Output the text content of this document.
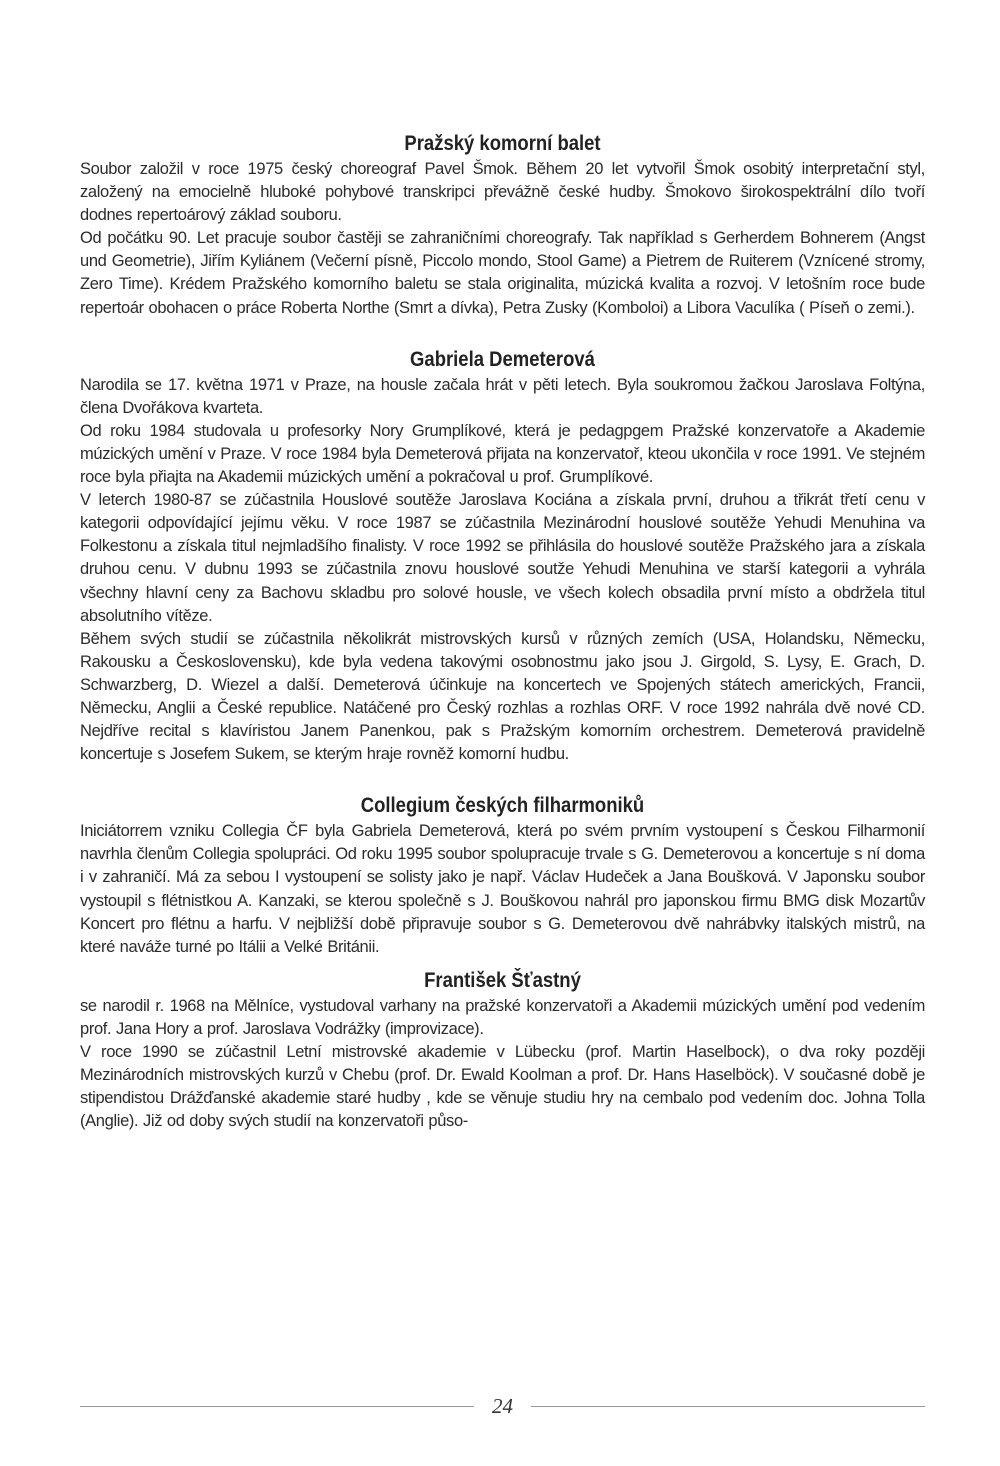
Pražský komorní balet

Soubor založil v roce 1975 český choreograf Pavel Šmok. Během 20 let vytvořil Šmok osobitý interpretační styl, založený na emocielně hluboké pohybové transkripci převážně české hudby. Šmokovo širokospektrální dílo tvoří dodnes repertoárový základ souboru.

Od počátku 90. Let pracuje soubor častěji se zahraničními choreografy. Tak například s Gerherdem Bohnerem (Angst und Geometrie), Jiřím Kyliánem (Večerní písně, Piccolo mondo, Stool Game) a Pietrem de Ruiterem (Vznícené stromy, Zero Time). Krédem Pražského komorního baletu se stala originalita, múzická kvalita a rozvoj. V letošním roce bude repertoár obohacen o práce Roberta Northe (Smrt a dívka), Petra Zusky (Komboloi) a Libora Vaculíka ( Píseň o zemi.).

Gabriela Demeterová

Narodila se 17. května 1971 v Praze, na housle začala hrát v pěti letech. Byla soukromou žačkou Jaroslava Foltýna, člena Dvořákova kvarteta.

Od roku 1984 studovala u profesorky Nory Grumplíkové, která je pedagpgem Pražské konzervatoře a Akademie múzických umění v Praze. V roce 1984 byla Demeterová přijata na konzervatoř, kteou ukončila v roce 1991. Ve stejném roce byla přiajta na Akademii múzických umění a pokračoval u prof. Grumplíkové.

V leterch 1980-87 se zúčastnila Houslové soutěže Jaroslava Kociána a získala první, druhou a třikrát třetí cenu v kategorii odpovídající jejímu věku. V roce 1987 se zúčastnila Mezinárodní houslové soutěže Yehudi Menuhina va Folkestonu a získala titul nejmladšího finalisty. V roce 1992 se přihlásila do houslové soutěže Pražského jara a získala druhou cenu. V dubnu 1993 se zúčastnila znovu houslové soutže Yehudi Menuhina ve starší kategorii a vyhrála všechny hlavní ceny za Bachovu skladbu pro solové housle, ve všech kolech obsadila první místo a obdržela titul absolutního vítěze.

Během svých studií se zúčastnila několikrát mistrovských kursů v různých zemích (USA, Holandsku, Německu, Rakousku a Československu), kde byla vedena takovými osobnostmu jako jsou J. Girgold, S. Lysy, E. Grach, D. Schwarzberg, D. Wiezel a další. Demeterová účinkuje na koncertech ve Spojených státech amerických, Francii, Německu, Anglii a České republice. Natáčené pro Český rozhlas a rozhlas ORF. V roce 1992 nahrála dvě nové CD. Nejdříve recital s klavíristou Janem Panenkou, pak s Pražským komorním orchestrem. Demeterová pravidelně koncertuje s Josefem Sukem, se kterým hraje rovněž komorní hudbu.

Collegium českých filharmoniků

Iniciátorrem vzniku Collegia ČF byla Gabriela Demeterová, která po svém prvním vystoupení s Českou Filharmonií navrhla členům Collegia spolupráci. Od roku 1995 soubor spolupracuje trvale s G. Demeterovou a koncertuje s ní doma i v zahraničí. Má za sebou I vystoupení se solisty jako je např. Václav Hudeček a Jana Boušková. V Japonsku soubor vystoupil s flétnistkou A. Kanzaki, se kterou společně s J. Bouškovou nahrál pro japonskou firmu BMG disk Mozartův Koncert pro flétnu a harfu. V nejbližší době připravuje soubor s G. Demeterovou dvě nahrábvky italských mistrů, na které naváže turné po Itálii a Velké Británii.

František Šťastný

se narodil r. 1968 na Mělníce, vystudoval varhany na pražské konzervatoři a Akademii múzických umění pod vedením prof. Jana Hory a prof. Jaroslava Vodrážky (improvizace).

V roce 1990 se zúčastnil Letní mistrovské akademie v Lübecku (prof. Martin Haselbock), o dva roky později Mezinárodních mistrovských kurzů v Chebu (prof. Dr. Ewald Koolman a prof. Dr. Hans Haselböck). V současné době je stipendistou Drážďanské akademie staré hudby , kde se věnuje studiu hry na cembalo pod vedením doc. Johna Tolla (Anglie). Již od doby svých studií na konzervatoři půso-

24
